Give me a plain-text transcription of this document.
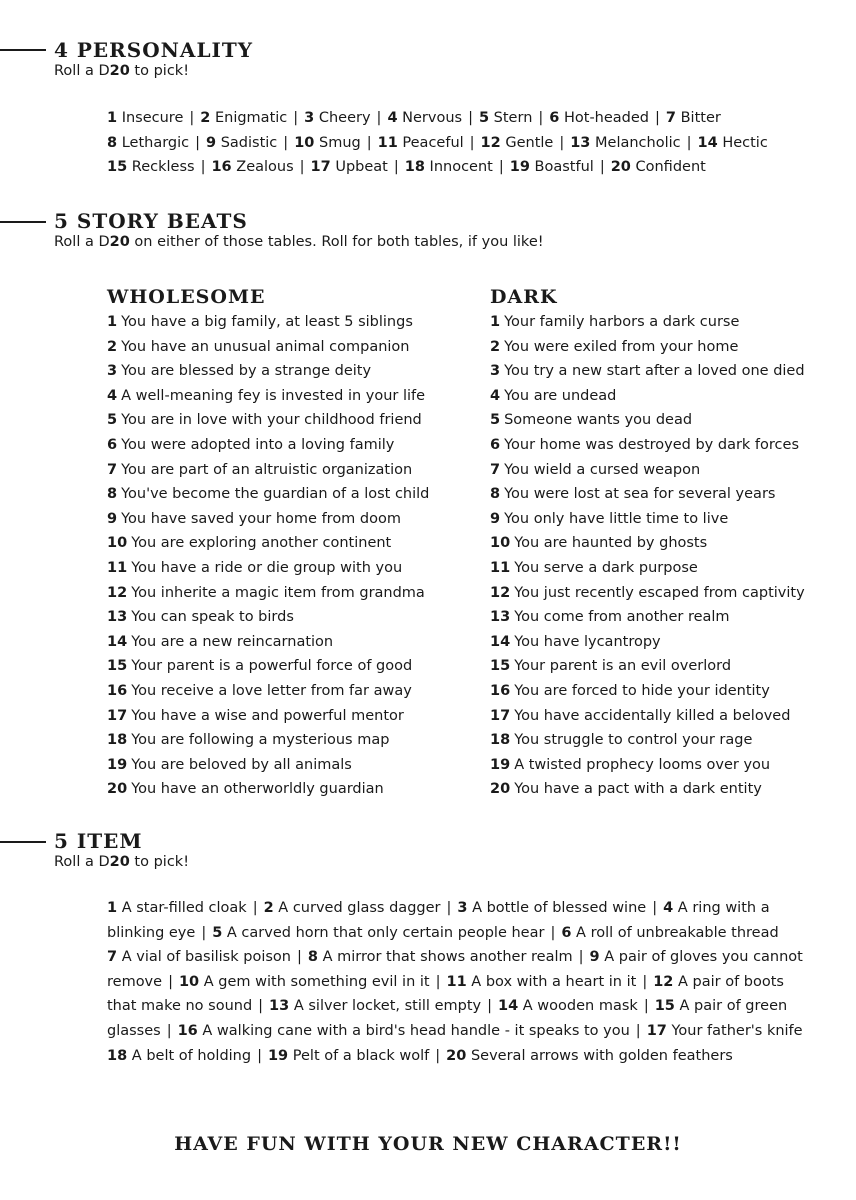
4 PERSONALITY
Roll a D20 to pick!
1 Insecure | 2 Enigmatic | 3 Cheery | 4 Nervous | 5 Stern | 6 Hot-headed | 7 Bitter
8 Lethargic | 9 Sadistic | 10 Smug | 11 Peaceful | 12 Gentle | 13 Melancholic | 14 Hectic
15 Reckless | 16 Zealous | 17 Upbeat | 18 Innocent | 19 Boastful | 20 Confident
5 STORY BEATS
Roll a D20 on either of those tables. Roll for both tables, if you like!
WHOLESOME
1 You have a big family, at least 5 siblings
2 You have an unusual animal companion
3 You are blessed by a strange deity
4 A well-meaning fey is invested in your life
5 You are in love with your childhood friend
6 You were adopted into a loving family
7 You are part of an altruistic organization
8 You've become the guardian of a lost child
9 You have saved your home from doom
10 You are exploring another continent
11 You have a ride or die group with you
12 You inherite a magic item from grandma
13 You can speak to birds
14 You are a new reincarnation
15 Your parent is a powerful force of good
16 You receive a love letter from far away
17 You have a wise and powerful mentor
18 You are following a mysterious map
19 You are beloved by all animals
20 You have an otherworldly guardian
DARK
1 Your family harbors a dark curse
2 You were exiled from your home
3 You try a new start after a loved one died
4 You are undead
5 Someone wants you dead
6 Your home was destroyed by dark forces
7 You wield a cursed weapon
8 You were lost at sea for several years
9 You only have little time to live
10 You are haunted by ghosts
11 You serve a dark purpose
12 You just recently escaped from captivity
13 You come from another realm
14 You have lycantropy
15 Your parent is an evil overlord
16 You are forced to hide your identity
17 You have accidentally killed a beloved
18 You struggle to control your rage
19 A twisted prophecy looms over you
20 You have a pact with a dark entity
5 ITEM
Roll a D20 to pick!
1 A star-filled cloak | 2 A curved glass dagger | 3 A bottle of blessed wine | 4 A ring with a
blinking eye | 5 A carved horn that only certain people hear | 6 A roll of unbreakable thread
7 A vial of basilisk poison | 8 A mirror that shows another realm | 9 A pair of gloves you cannot
remove | 10 A gem with something evil in it | 11 A box with a heart in it | 12 A pair of boots
that make no sound | 13 A silver locket, still empty | 14 A wooden mask | 15 A pair of green
glasses | 16 A walking cane with a bird's head handle - it speaks to you | 17 Your father's knife
18 A belt of holding | 19 Pelt of a black wolf | 20 Several arrows with golden feathers
HAVE FUN WITH YOUR NEW CHARACTER!!
